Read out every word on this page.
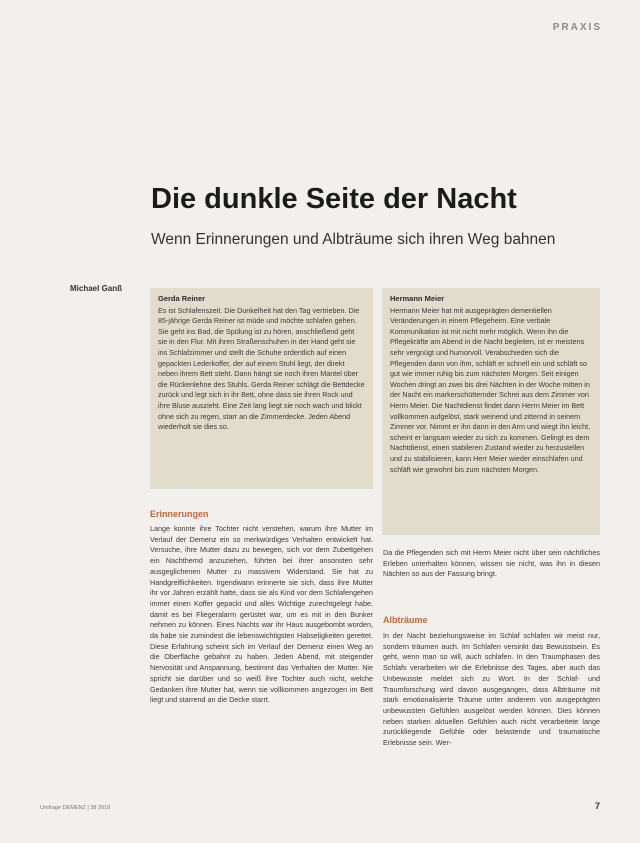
PRAXIS
Die dunkle Seite der Nacht
Wenn Erinnerungen und Albträume sich ihren Weg bahnen
Michael Ganß
Gerda Reiner
Es ist Schlafenszeit. Die Dunkelheit hat den Tag vertrieben. Die 85-jährige Gerda Reiner ist müde und möchte schlafen gehen. Sie geht ins Bad, die Spülung ist zu hören, anschließend geht sie in den Flur. Mit ihren Straßenschuhen in der Hand geht sie ins Schlafzimmer und stellt die Schuhe ordentlich auf einen gepackten Lederkoffer, der auf einem Stuhl liegt, der direkt neben ihrem Bett steht. Dann hängt sie noch ihren Mantel über die Rückenlehne des Stuhls. Gerda Reiner schlägt die Bettdecke zurück und legt sich in ihr Bett, ohne dass sie ihren Rock und ihre Bluse auszieht. Eine Zeit lang liegt sie noch wach und blickt ohne sich zu regen, starr an die Zimmerdecke. Jeden Abend wiederholt sie dies so.
Hermann Meier
Hermann Meier hat mit ausgeprägten dementiellen Veränderungen in einem Pflegeheim. Eine verbale Kommunikation ist mit nicht mehr möglich. Wenn ihn die Pflegekräfte am Abend in die Nacht begleiten, ist er meistens sehr vergnügt und humorvoll. Verabschieden sich die Pflegenden dann von ihm, schläft er schnell ein und schläft so gut wie immer ruhig bis zum nächsten Morgen. Seit einigen Wochen dringt an zwei bis drei Nächten in der Woche mitten in der Nacht ein markerschütternder Schrei aus dem Zimmer von Herrn Meier. Die Nachtdienst findet dann Herrn Meier im Bett vollkommen aufgelöst, stark weinend und zitternd in seinem Zimmer vor. Nimmt er ihn dann in den Arm und wiegt ihn leicht, scheint er langsam wieder zu sich zu kommen. Gelingt es dem Nachtdienst, einen stabileren Zustand wieder zu herzustellen und zu stabilisieren, kann Herr Meier wieder einschlafen und schläft wie gewohnt bis zum nächsten Morgen.
Erinnerungen

Lange konnte ihre Tochter nicht verstehen, warum ihre Mutter im Verlauf der Demenz ein so merkwürdiges Verhalten entwickelt hat. Versuche, ihre Mutter dazu zu bewegen, sich vor dem Zubettgehen ein Nachthemd anzuziehen, führten bei ihrer ansonsten sehr ausgeglichenen Mutter zu massivem Widerstand. Sie hat zu Handgreiflichkeiten. Irgendwann erinnerte sie sich, dass ihre Mutter ihr vor Jahren erzählt hatte, dass sie als Kind vor dem Schlafengehen immer einen Koffer gepackt und alles Wichtige zurechtgelegt habe, damit es bei Fliegeralarm gerüstet war, um es mit in den Bunker nehmen zu können. Eines Nachts war ihr Haus ausgebombt worden, da habe sie zumindest die lebenswichtigsten Habseligkeiten gerettet. Diese Erfahrung scheint sich im Verlauf der Demenz einen Weg an die Oberfläche gebahnt zu haben. Jeden Abend, mit steigender Nervosität und Anspannung, bestimmt das Verhalten der Mutter. Nie spricht sie darüber und so weiß ihre Tochter auch nicht, welche Gedanken ihre Mutter hat, wenn sie vollkommen angezogen im Bett liegt und starrend an die Decke starrt.

Da die Pflegenden sich mit Herrn Meier nicht über sein nächtliches Erleben unterhalten können, wissen sie nicht, was ihn in diesen Nächten so aus der Fassung bringt.

Albträume

In der Nacht beziehungsweise im Schlaf schlafen wir meist nur, sondern träumen auch. Im Schlafen versinkt das Bewusstsein. Es geht, wenn man so will, auch schlafen. In den Traumphasen des Schlafs verarbeiten wir die Erlebnisse des Tages, aber auch das Unbewusste meldet sich zu Wort. In der Schlaf- und Traumforschung wird davon ausgegangen, dass Albträume mit stark emotionalisierte Träume unter anderem von ausgeprägten unbewussten Gefühlen ausgelöst werden können. Dies können neben starken aktuellen Gefühlen auch nicht verarbeitete lange zurückliegende Gefühle oder belastende und traumatische Erlebnisse sein. Wer-

Umfrage DEMENZ | 38 2018	7
